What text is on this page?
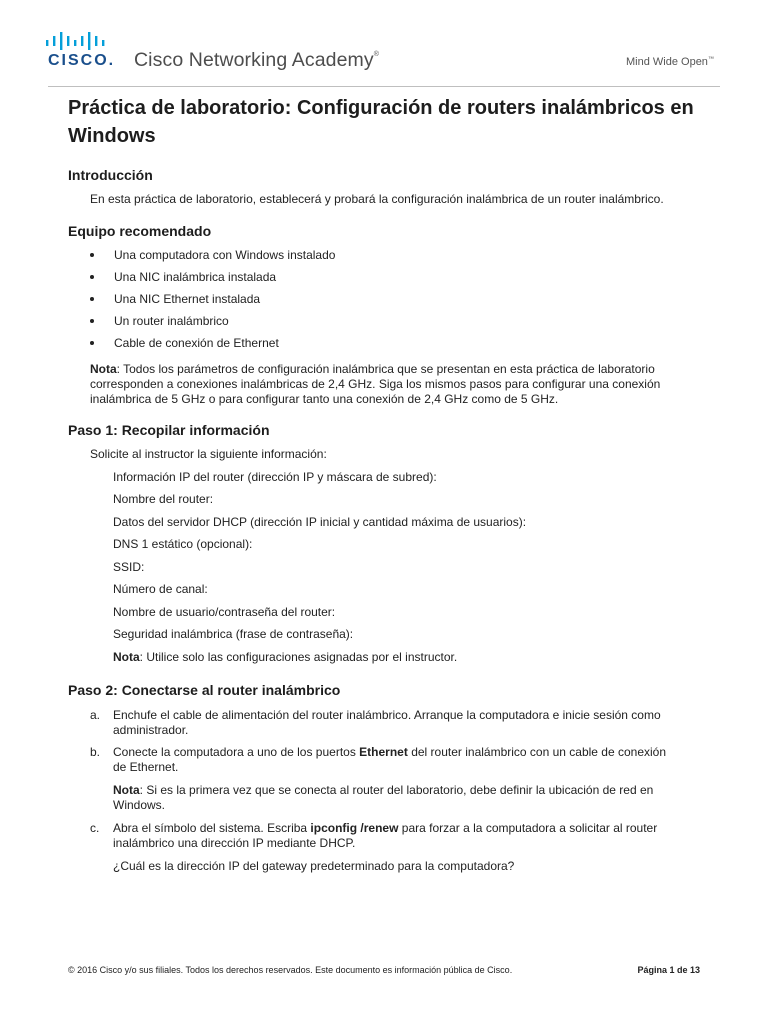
CISCO. Cisco Networking Academy®
Mind Wide Open™
Práctica de laboratorio: Configuración de routers inalámbricos en Windows
Introducción
En esta práctica de laboratorio, establecerá y probará la configuración inalámbrica de un router inalámbrico.
Equipo recomendado
Una computadora con Windows instalado
Una NIC inalámbrica instalada
Una NIC Ethernet instalada
Un router inalámbrico
Cable de conexión de Ethernet
Nota: Todos los parámetros de configuración inalámbrica que se presentan en esta práctica de laboratorio
corresponden a conexiones inalámbricas de 2,4 GHz. Siga los mismos pasos para configurar una conexión
inalámbrica de 5 GHz o para configurar tanto una conexión de 2,4 GHz como de 5 GHz.
Paso 1: Recopilar información
Solicite al instructor la siguiente información:
Información IP del router (dirección IP y máscara de subred):
Nombre del router:
Datos del servidor DHCP (dirección IP inicial y cantidad máxima de usuarios):
DNS 1 estático (opcional):
SSID:
Número de canal:
Nombre de usuario/contraseña del router:
Seguridad inalámbrica (frase de contraseña):
Nota: Utilice solo las configuraciones asignadas por el instructor.
Paso 2: Conectarse al router inalámbrico
a. Enchufe el cable de alimentación del router inalámbrico. Arranque la computadora e inicie sesión como
administrador.
b. Conecte la computadora a uno de los puertos Ethernet del router inalámbrico con un cable de conexión
de Ethernet.
Nota: Si es la primera vez que se conecta al router del laboratorio, debe definir la ubicación de red en
Windows.
c. Abra el símbolo del sistema. Escriba ipconfig /renew para forzar a la computadora a solicitar al router
inalámbrico una dirección IP mediante DHCP.
¿Cuál es la dirección IP del gateway predeterminado para la computadora?
© 2016 Cisco y/o sus filiales. Todos los derechos reservados. Este documento es información pública de Cisco.	Página 1 de 13
